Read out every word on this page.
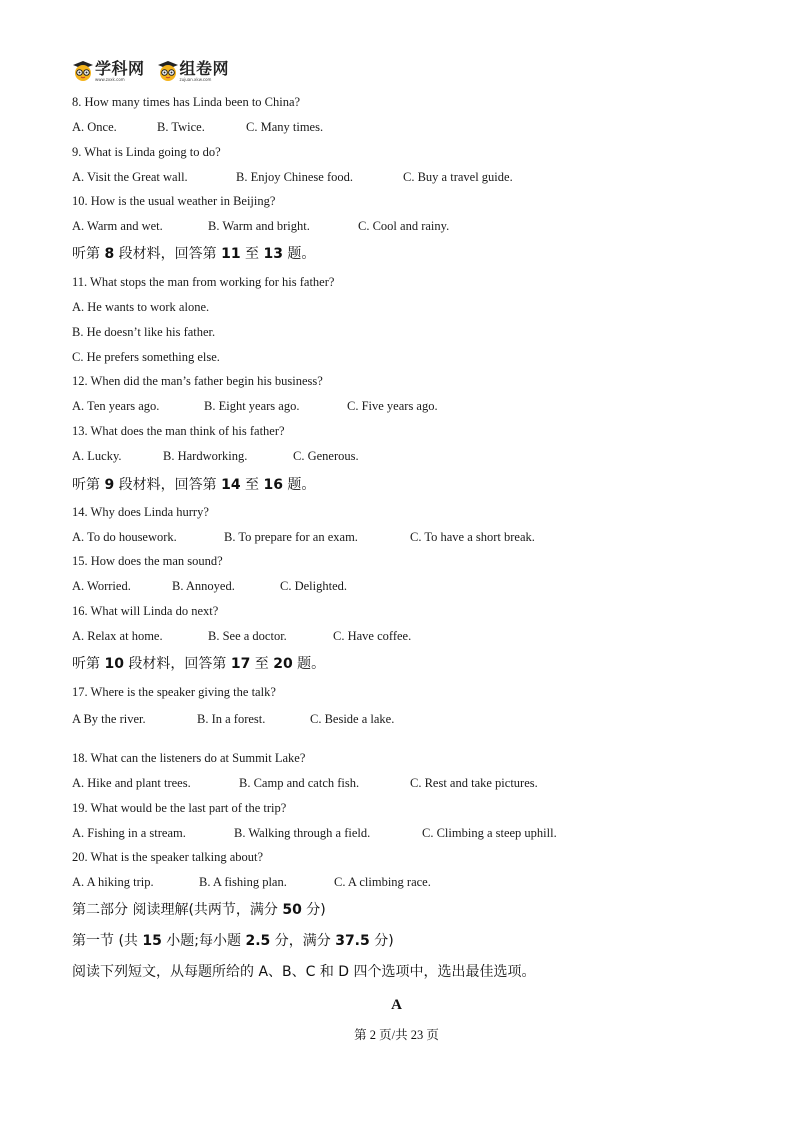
学科网
www.zxxk.com
组卷网
zujuan.xkw.com
8. How many times has Linda been to China?
A. Once.	B. Twice.	C. Many times.
9. What is Linda going to do?
A. Visit the Great wall.	B. Enjoy Chinese food.	C. Buy a travel guide.
10. How is the usual weather in Beijing?
A. Warm and wet.	B. Warm and bright.	C. Cool and rainy.
听第 8 段材料，回答第 11 至 13 题。
11. What stops the man from working for his father?
A. He wants to work alone.
B. He doesn’t like his father.
C. He prefers something else.
12. When did the man’s father begin his business?
A. Ten years ago.	B. Eight years ago.	C. Five years ago.
13. What does the man think of his father?
A. Lucky.	B. Hardworking.	C. Generous.
听第 9 段材料，回答第 14 至 16 题。
14. Why does Linda hurry?
A. To do housework.	B. To prepare for an exam.	C. To have a short break.
15. How does the man sound?
A. Worried.	B. Annoyed.	C. Delighted.
16. What will Linda do next?
A. Relax at home.	B. See a doctor.	C. Have coffee.
听第 10 段材料，回答第 17 至 20 题。
17. Where is the speaker giving the talk?
A By the river.	B. In a forest.	C. Beside a lake.
18. What can the listeners do at Summit Lake?
A. Hike and plant trees.	B. Camp and catch fish.	C. Rest and take pictures.
19. What would be the last part of the trip?
A. Fishing in a stream.	B. Walking through a field.	C. Climbing a steep uphill.
20. What is the speaker talking about?
A. A hiking trip.	B. A fishing plan.	C. A climbing race.
第二部分 阅读理解(共两节，满分 50 分)
第一节 (共 15 小题;每小题 2.5 分，满分 37.5 分)
阅读下列短文，从每题所给的 A、B、C 和 D 四个选项中，选出最佳选项。
A
第 2 页/共 23 页
